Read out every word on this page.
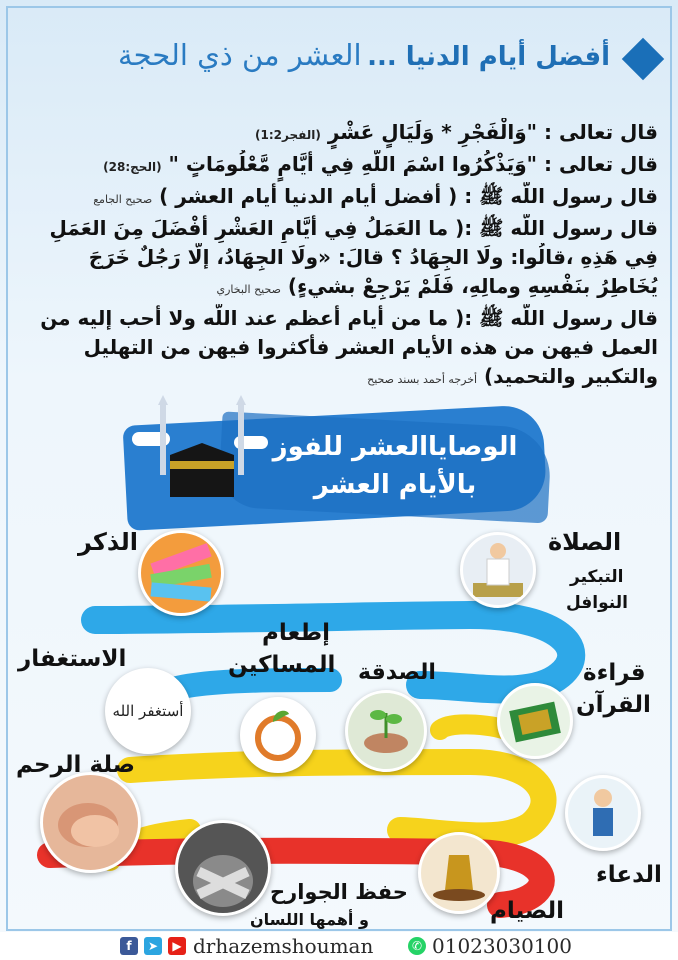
أفضل أيام الدنيا ... العشر من ذي الحجة
قال تعالى : "وَالْفَجْرِ * وَلَيَالٍ عَشْرٍ (الفجر1:2)
قال تعالى : "وَيَذْكُرُوا اسْمَ اللَّهِ فِي أَيَّامٍ مَّعْلُومَاتٍ " (الحج:28)
قال رسول اللّه ﷺ : ( أفضل أيام الدنيا أيام العشر ) صحيح الجامع
قال رسول اللّه ﷺ :( ما العَمَلُ فِي أيَّامِ العَشْرِ أفْضَلَ مِنَ العَمَلِ
فِي هَذِهِ ،قالُوا: ولَا الجِهَادُ ؟ قالَ: «ولَا الجِهَادُ، إلَّا رَجُلٌ خَرَجَ
يُخَاطِرُ بنَفْسِهِ ومالِهِ، فَلَمْ يَرْجِعْ بشيءٍ) صحيح البخاري
قال رسول اللّه ﷺ :( ما من أيام أعظم عند اللّه ولا أحب إليه من
العمل فيهن من هذه الأيام العشر فأكثروا فيهن من التهليل
والتكبير والتحميد) أخرجه أحمد بسند صحيح
الوصاياالعشر للفوز
بالأيام العشر
أستغفر الله
الصلاة
التبكير
النوافل
الذكر
إطعام
المساكين
الاستغفار
الصدقة	قراءة
القرآن
صلة الرحم
حفظ الجوارح
و أهمها اللسان
الدعاء
الصيام
f	➤	▶ drhazemshouman	✆ 01023030100
